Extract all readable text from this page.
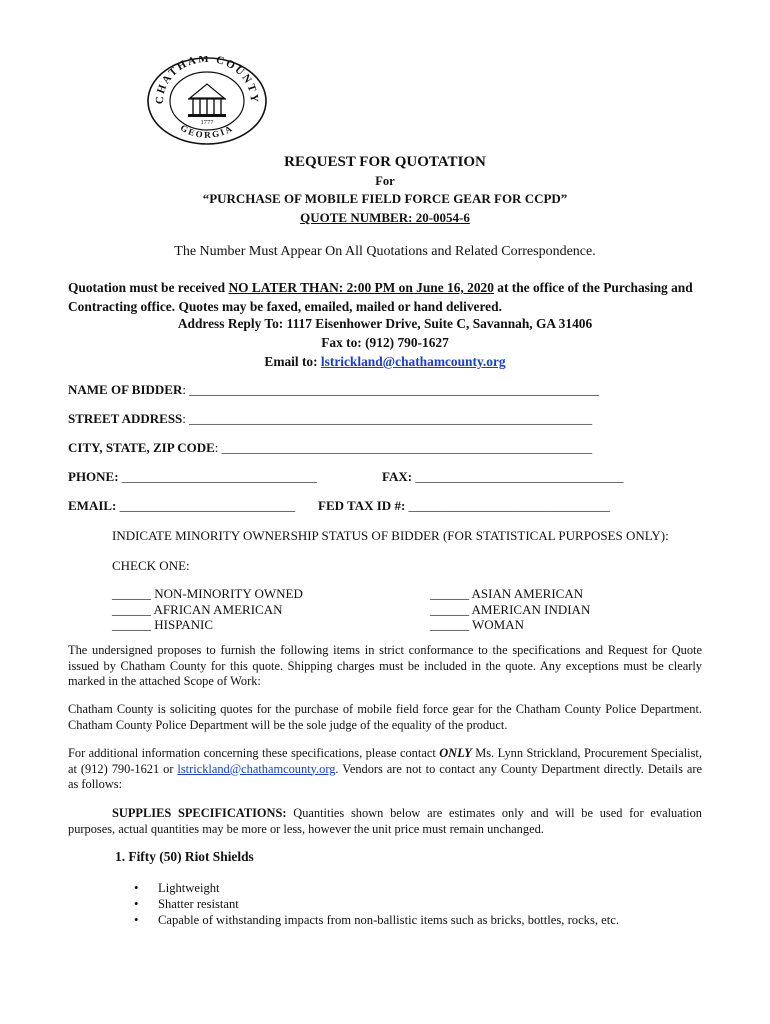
CHATHAM COUNTY
GEORGIA
1777
REQUEST FOR QUOTATION
For
“PURCHASE OF MOBILE FIELD FORCE GEAR FOR CCPD”
QUOTE NUMBER: 20-0054-6
The Number Must Appear On All Quotations and Related Correspondence.
Quotation must be received NO LATER THAN: 2:00 PM on June 16, 2020 at the office of the Purchasing and Contracting office. Quotes may be faxed, emailed, mailed or hand delivered.
Address Reply To: 1117 Eisenhower Drive, Suite C, Savannah, GA 31406
Fax to: (912) 790-1627
Email to: lstrickland@chathamcounty.org
NAME OF BIDDER: _______________________________________________________________
STREET ADDRESS: ______________________________________________________________
CITY, STATE, ZIP CODE: _________________________________________________________
PHONE: ______________________________	FAX: ________________________________
EMAIL: ___________________________ FED TAX ID #: _______________________________
INDICATE MINORITY OWNERSHIP STATUS OF BIDDER (FOR STATISTICAL PURPOSES ONLY):
CHECK ONE:
______ NON-MINORITY OWNED
______ AFRICAN AMERICAN
______ HISPANIC
______ ASIAN AMERICAN
______ AMERICAN INDIAN
______ WOMAN
The undersigned proposes to furnish the following items in strict conformance to the specifications and Request for Quote issued by Chatham County for this quote. Shipping charges must be included in the quote. Any exceptions must be clearly marked in the attached Scope of Work:
Chatham County is soliciting quotes for the purchase of mobile field force gear for the Chatham County Police Department. Chatham County Police Department will be the sole judge of the equality of the product.
For additional information concerning these specifications, please contact ONLY Ms. Lynn Strickland, Procurement Specialist, at (912) 790-1621 or lstrickland@chathamcounty.org. Vendors are not to contact any County Department directly. Details are as follows:
SUPPLIES SPECIFICATIONS: Quantities shown below are estimates only and will be used for evaluation purposes, actual quantities may be more or less, however the unit price must remain unchanged.
1. Fifty (50) Riot Shields
• Lightweight
• Shatter resistant
• Capable of withstanding impacts from non-ballistic items such as bricks, bottles, rocks, etc.
